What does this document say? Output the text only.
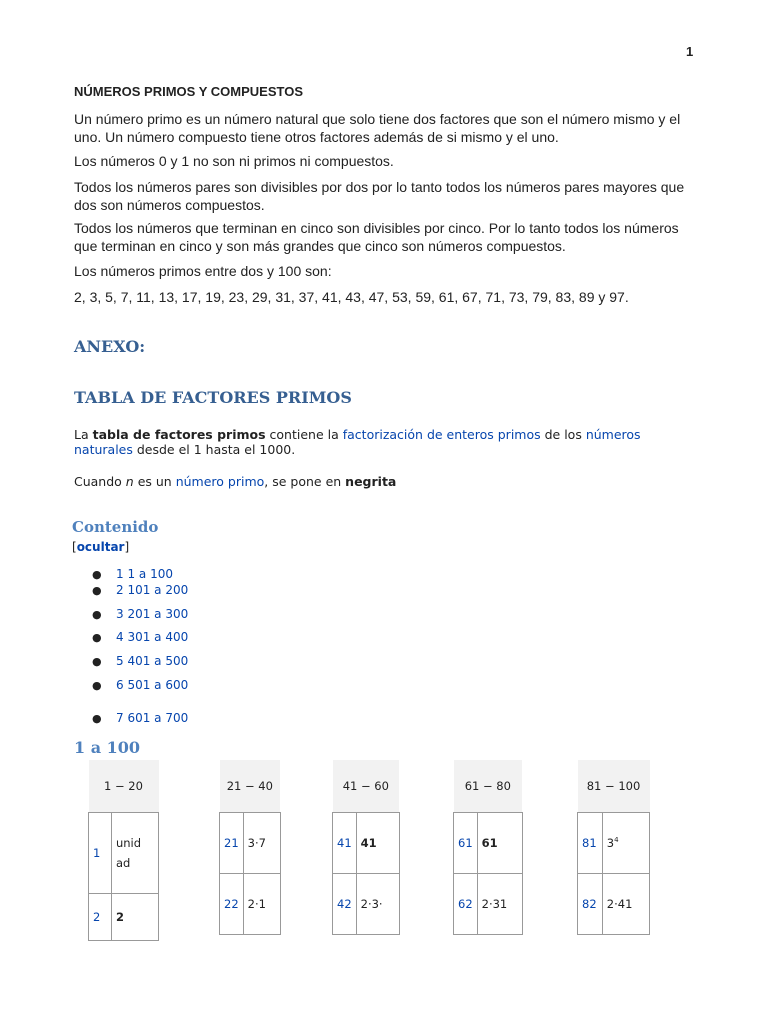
1
NÚMEROS PRIMOS Y COMPUESTOS
Un número primo es un número natural que solo tiene dos factores que son el número mismo y el uno. Un número compuesto tiene otros factores además de si mismo y el uno.
Los números 0 y 1 no son ni primos ni compuestos.
Todos los números pares son divisibles por dos por lo tanto todos los números pares mayores que dos son números compuestos.
Todos los números que terminan en cinco son divisibles por cinco. Por lo tanto todos los números que terminan en cinco y son más grandes que cinco son números compuestos.
Los números primos entre dos y 100 son:
2, 3, 5, 7, 11, 13, 17, 19, 23, 29, 31, 37, 41, 43, 47, 53, 59, 61, 67, 71, 73, 79, 83, 89 y 97.
ANEXO:
TABLA DE FACTORES PRIMOS
La tabla de factores primos contiene la factorización de enteros primos de los números naturales desde el 1 hasta el 1000.
Cuando n es un número primo, se pone en negrita
Contenido
[ocultar]
● 1 1 a 100
● 2 101 a 200
● 3 201 a 300
● 4 301 a 400
● 5 401 a 500
● 6 501 a 600
● 7 601 a 700
1 a 100
1 − 20	
1	unid ad
2	2
21 − 40	
21	3·7
22	2·1
41 − 60	
41	41
42	2·3·
61 − 80	
61	61
62	2·31
81 − 100	
81	$3^4$
82	2·41
